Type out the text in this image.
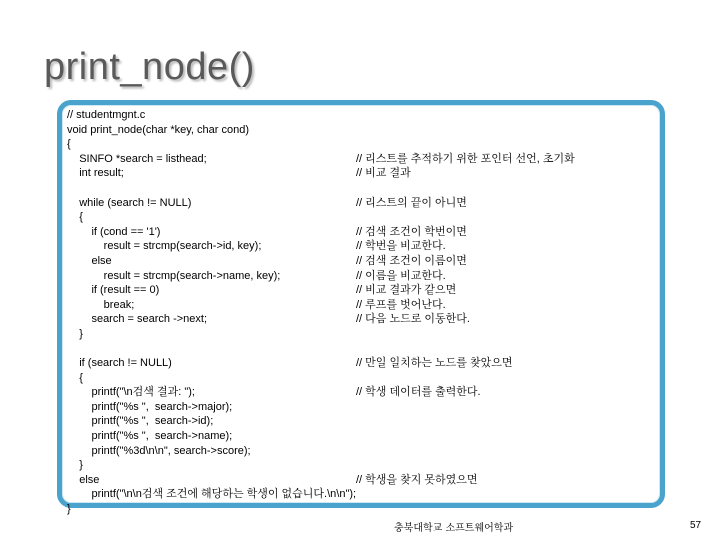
print_node()
// studentmgnt.c
void print_node(char *key, char cond)
{
SINFO *search = listhead;	// 리스트를 추적하기 위한 포인터 선언, 초기화
int result;	// 비교 결과
while (search != NULL)	// 리스트의 끝이 아니면
{
if (cond == '1')	// 검색 조건이 학번이면
result = strcmp(search->id, key);	// 학번을 비교한다.
else	// 검색 조건이 이름이면
result = strcmp(search->name, key);	// 이름을 비교한다.
if (result == 0)	// 비교 결과가 같으면
break;	// 루프를 벗어난다.
search = search ->next;	// 다음 노드로 이동한다.
}
if (search != NULL)	// 만일 일치하는 노드를 찾았으면
{
printf("\n검색 결과: ");	// 학생 데이터를 출력한다.
printf("%s ",  search->major);
printf("%s ",  search->id);
printf("%s ",  search->name);
printf("%3d\n\n", search->score);
}
else	// 학생을 찾지 못하였으면
printf("\n\n검색 조건에 해당하는 학생이 없습니다.\n\n");
}
충북대학교 소프트웨어학과	57
